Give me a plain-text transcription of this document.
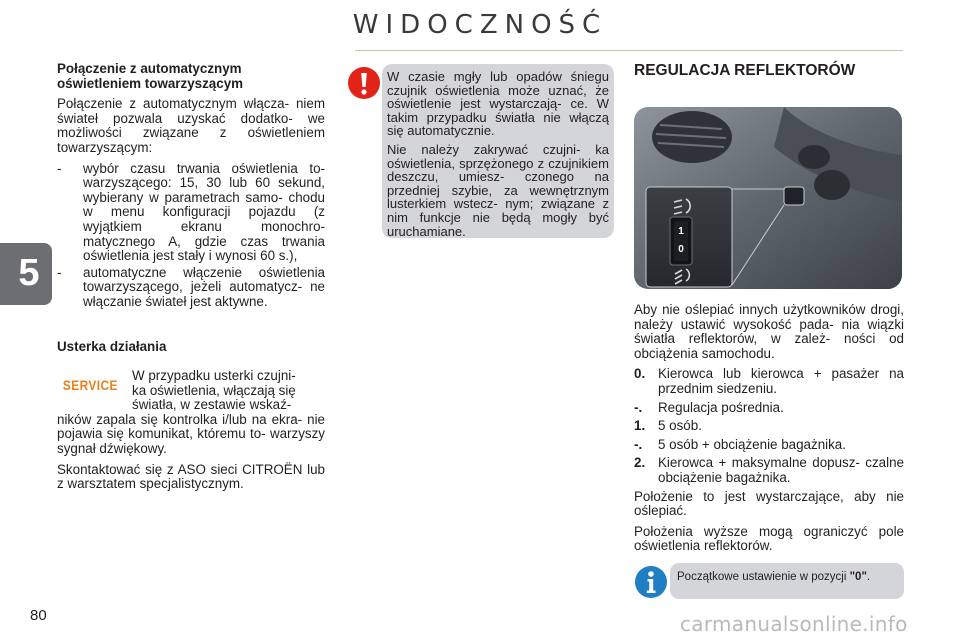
WIDOCZNOŚĆ
5

Połączenie z automatycznym oświetleniem towarzyszącym

Połączenie z automatycznym włącza- niem świateł pozwala uzyskać dodatko- we możliwości związane z oświetleniem towarzyszącym:

- wybór czasu trwania oświetlenia to- warzyszącego: 15, 30 lub 60 sekund, wybierany w parametrach samo- chodu w menu konfiguracji pojazdu (z wyjątkiem ekranu monochro- matycznego A, gdzie czas trwania oświetlenia jest stały i wynosi 60 s.),
- automatyczne włączenie oświetlenia towarzyszącego, jeżeli automatycz- ne włączanie świateł jest aktywne.

Usterka działania

SERVICE
W przypadku usterki czujni-
ka oświetlenia, włączają się
światła, w zestawie wskaź-

ników zapala się kontrolka i/lub na ekra- nie pojawia się komunikat, któremu to- warzyszy sygnał dźwiękowy.

Skontaktować się z ASO sieci CITROËN lub z warsztatem specjalistycznym.

W czasie mgły lub opadów śniegu czujnik oświetlenia może uznać, że oświetlenie jest wystarczają- ce. W takim przypadku światła nie włączą się automatycznie.

Nie należy zakrywać czujni- ka oświetlenia, sprzężonego z czujnikiem deszczu, umiesz- czonego na przedniej szybie, za wewnętrznym lusterkiem wstecz- nym; związane z nim funkcje nie będą mogły być uruchamiane.

REGULACJA REFLEKTORÓW
1
0

Aby nie oślepiać innych użytkowników drogi, należy ustawić wysokość pada- nia wiązki światła reflektorów, w zależ- ności od obciążenia samochodu.

0. Kierowca lub kierowca + pasażer na przednim siedzeniu.
-. Regulacja pośrednia.
1. 5 osób.
-. 5 osób + obciążenie bagażnika.
2. Kierowca + maksymalne dopusz- czalne obciążenie bagażnika.

Położenie to jest wystarczające, aby nie oślepiać.

Położenia wyższe mogą ograniczyć pole oświetlenia reflektorów.

Początkowe ustawienie w pozycji "0".
80	carmanualsonline.info
